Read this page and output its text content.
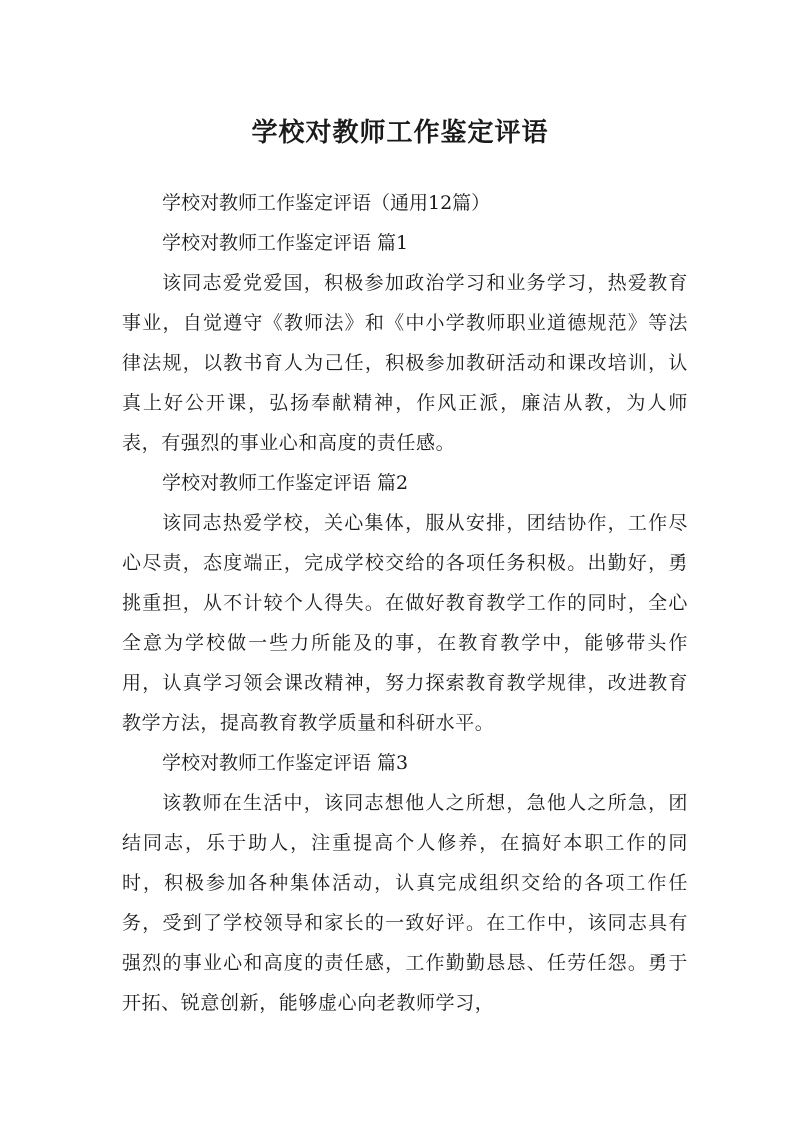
学校对教师工作鉴定评语

学校对教师工作鉴定评语（通用12篇）

学校对教师工作鉴定评语 篇1

该同志爱党爱国，积极参加政治学习和业务学习，热爱教育事业，自觉遵守《教师法》和《中小学教师职业道德规范》等法律法规，以教书育人为己任，积极参加教研活动和课改培训，认真上好公开课，弘扬奉献精神，作风正派，廉洁从教，为人师表，有强烈的事业心和高度的责任感。

学校对教师工作鉴定评语 篇2

该同志热爱学校，关心集体，服从安排，团结协作，工作尽心尽责，态度端正，完成学校交给的各项任务积极。出勤好，勇挑重担，从不计较个人得失。在做好教育教学工作的同时，全心全意为学校做一些力所能及的事，在教育教学中，能够带头作用，认真学习领会课改精神，努力探索教育教学规律，改进教育教学方法，提高教育教学质量和科研水平。

学校对教师工作鉴定评语 篇3

该教师在生活中，该同志想他人之所想，急他人之所急，团结同志，乐于助人，注重提高个人修养，在搞好本职工作的同时，积极参加各种集体活动，认真完成组织交给的各项工作任务，受到了学校领导和家长的一致好评。在工作中，该同志具有强烈的事业心和高度的责任感，工作勤勤恳恳、任劳任怨。勇于开拓、锐意创新，能够虚心向老教师学习，
